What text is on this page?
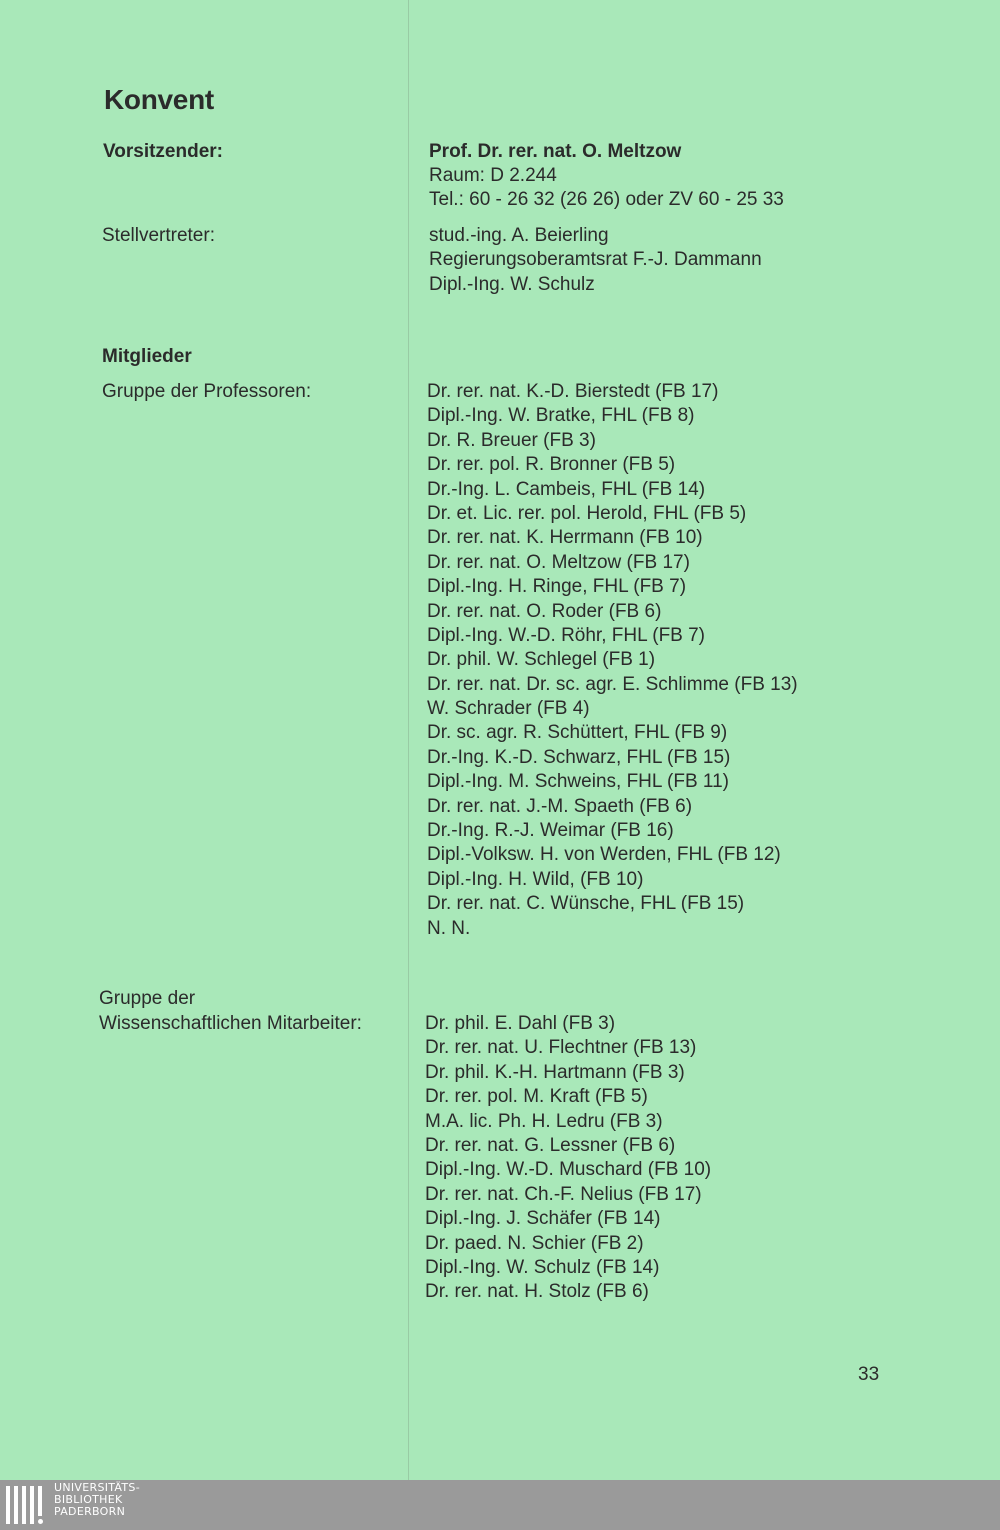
Konvent
Vorsitzender:	Prof. Dr. rer. nat. O. Meltzow
Raum: D 2.244
Tel.: 60 - 26 32 (26 26) oder ZV 60 - 25 33
Stellvertreter:	stud.-ing. A. Beierling
Regierungsoberamtsrat F.-J. Dammann
Dipl.-Ing. W. Schulz
Mitglieder
Gruppe der Professoren:	Dr. rer. nat. K.-D. Bierstedt (FB 17)
Dipl.-Ing. W. Bratke, FHL (FB 8)
Dr. R. Breuer (FB 3)
Dr. rer. pol. R. Bronner (FB 5)
Dr.-Ing. L. Cambeis, FHL (FB 14)
Dr. et. Lic. rer. pol. Herold, FHL (FB 5)
Dr. rer. nat. K. Herrmann (FB 10)
Dr. rer. nat. O. Meltzow (FB 17)
Dipl.-Ing. H. Ringe, FHL (FB 7)
Dr. rer. nat. O. Roder (FB 6)
Dipl.-Ing. W.-D. Röhr, FHL (FB 7)
Dr. phil. W. Schlegel (FB 1)
Dr. rer. nat. Dr. sc. agr. E. Schlimme (FB 13)
W. Schrader (FB 4)
Dr. sc. agr. R. Schüttert, FHL (FB 9)
Dr.-Ing. K.-D. Schwarz, FHL (FB 15)
Dipl.-Ing. M. Schweins, FHL (FB 11)
Dr. rer. nat. J.-M. Spaeth (FB 6)
Dr.-Ing. R.-J. Weimar (FB 16)
Dipl.-Volksw. H. von Werden, FHL (FB 12)
Dipl.-Ing. H. Wild, (FB 10)
Dr. rer. nat. C. Wünsche, FHL (FB 15)
N. N.
Gruppe der
Wissenschaftlichen Mitarbeiter:	Dr. phil. E. Dahl (FB 3)
Dr. rer. nat. U. Flechtner (FB 13)
Dr. phil. K.-H. Hartmann (FB 3)
Dr. rer. pol. M. Kraft (FB 5)
M.A. lic. Ph. H. Ledru (FB 3)
Dr. rer. nat. G. Lessner (FB 6)
Dipl.-Ing. W.-D. Muschard (FB 10)
Dr. rer. nat. Ch.-F. Nelius (FB 17)
Dipl.-Ing. J. Schäfer (FB 14)
Dr. paed. N. Schier (FB 2)
Dipl.-Ing. W. Schulz (FB 14)
Dr. rer. nat. H. Stolz (FB 6)
33
UNIVERSITÄTS-
BIBLIOTHEK
PADERBORN
